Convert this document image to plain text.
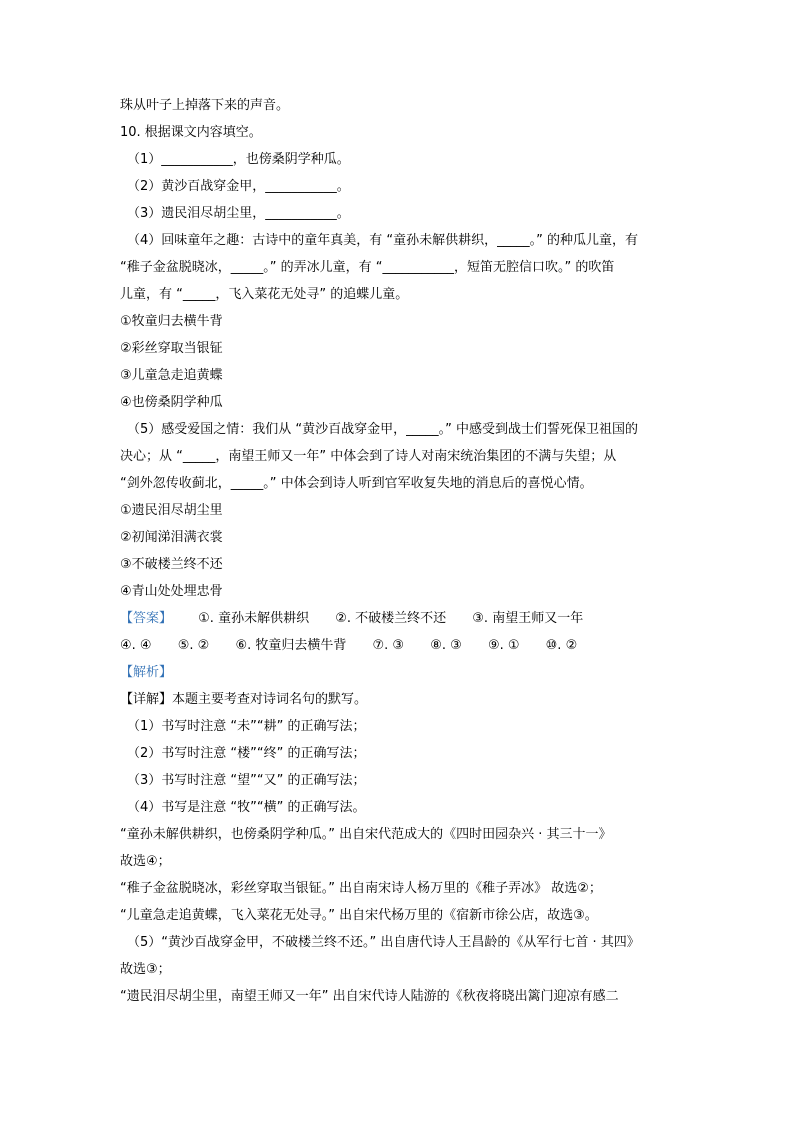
珠从叶子上掉落下来的声音。
10. 根据课文内容填空。
（1）___________，也傍桑阴学种瓜。
（2）黄沙百战穿金甲，___________。
（3）遗民泪尽胡尘里，___________。
（4）回味童年之趣：古诗中的童年真美，有 “童孙未解供耕织，_____。” 的种瓜儿童，有
“稚子金盆脱晓冰，_____。” 的弄冰儿童，有 “___________，短笛无腔信口吹。” 的吹笛
儿童，有 “_____，飞入菜花无处寻” 的追蝶儿童。
①牧童归去横牛背
②彩丝穿取当银钲
③儿童急走追黄蝶
④也傍桑阴学种瓜
（5）感受爱国之情：我们从 “黄沙百战穿金甲，_____。” 中感受到战士们誓死保卫祖国的
决心；从 “_____，南望王师又一年” 中体会到了诗人对南宋统治集团的不满与失望；从
“剑外忽传收蓟北，_____。” 中体会到诗人听到官军收复失地的消息后的喜悦心情。
①遗民泪尽胡尘里
②初闻涕泪满衣裳
③不破楼兰终不还
④青山处处埋忠骨
【答案】 ①. 童孙未解供耕织 ②. 不破楼兰终不还 ③. 南望王师又一年
④. ④ ⑤. ② ⑥. 牧童归去横牛背 ⑦. ③ ⑧. ③ ⑨. ① ⑩. ②
【解析】
【详解】本题主要考查对诗词名句的默写。
（1）书写时注意 “未”“耕” 的正确写法；
（2）书写时注意 “楼”“终” 的正确写法；
（3）书写时注意 “望”“又” 的正确写法；
（4）书写是注意 “牧”“横” 的正确写法。
“童孙未解供耕织，也傍桑阴学种瓜。” 出自宋代范成大的《四时田园杂兴 · 其三十一》
故选④；
“稚子金盆脱晓冰，彩丝穿取当银钲。” 出自南宋诗人杨万里的《稚子弄冰》 故选②；
“儿童急走追黄蝶，飞入菜花无处寻。” 出自宋代杨万里的《宿新市徐公店，故选③。
（5）“黄沙百战穿金甲，不破楼兰终不还。” 出自唐代诗人王昌龄的《从军行七首 · 其四》
故选③；
“遗民泪尽胡尘里，南望王师又一年” 出自宋代诗人陆游的《秋夜将晓出篱门迎凉有感二
